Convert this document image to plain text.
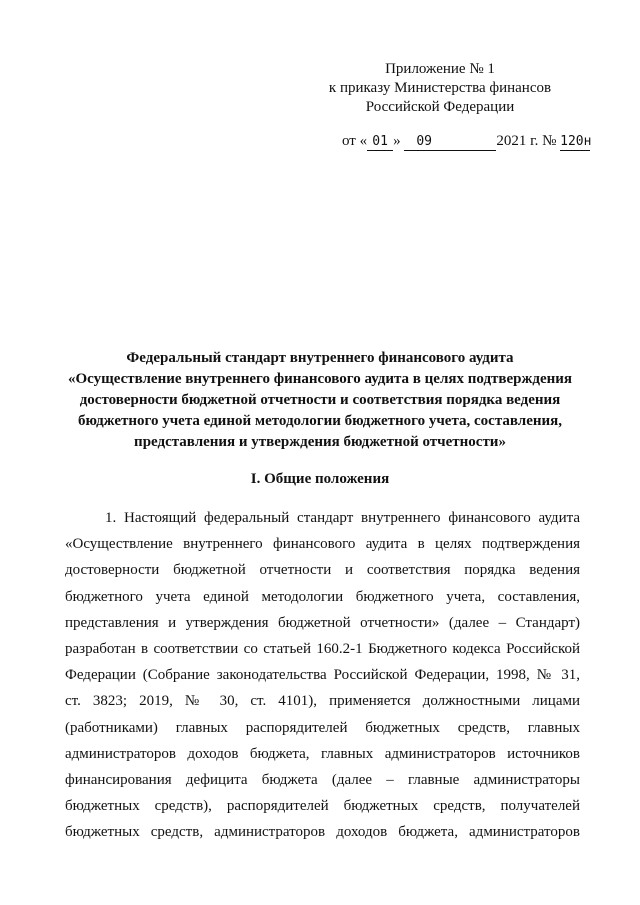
Приложение № 1
к приказу Министерства финансов
Российской Федерации
от « 01 » 09	2021 г. № 120н
Федеральный стандарт внутреннего финансового аудита
«Осуществление внутреннего финансового аудита в целях подтверждения
достоверности бюджетной отчетности и соответствия порядка ведения
бюджетного учета единой методологии бюджетного учета, составления,
представления и утверждения бюджетной отчетности»
I. Общие положения
1. Настоящий федеральный стандарт внутреннего финансового аудита
«Осуществление внутреннего финансового аудита в целях подтверждения
достоверности бюджетной отчетности и соответствия порядка ведения
бюджетного учета единой методологии бюджетного учета, составления,
представления и утверждения бюджетной отчетности» (далее – Стандарт)
разработан в соответствии со статьей 160.2-1 Бюджетного кодекса Российской
Федерации (Собрание законодательства Российской Федерации, 1998, № 31,
ст. 3823; 2019, № 30, ст. 4101), применяется должностными лицами
(работниками) главных распорядителей бюджетных средств, главных
администраторов доходов бюджета, главных администраторов источников
финансирования дефицита бюджета (далее – главные администраторы
бюджетных средств), распорядителей бюджетных средств, получателей
бюджетных средств, администраторов доходов бюджета, администраторов
